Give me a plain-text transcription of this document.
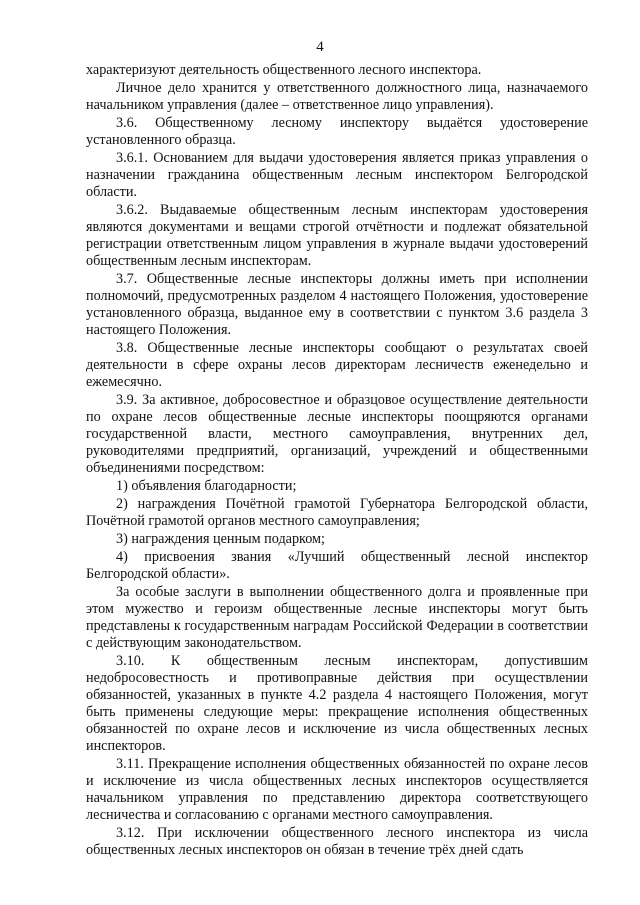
4

характеризуют деятельность общественного лесного инспектора.

Личное дело хранится у ответственного должностного лица, назначаемого начальником управления (далее – ответственное лицо управления).

3.6. Общественному лесному инспектору выдаётся удостоверение установленного образца.

3.6.1. Основанием для выдачи удостоверения является приказ управления о назначении гражданина общественным лесным инспектором Белгородской области.

3.6.2. Выдаваемые общественным лесным инспекторам удостоверения являются документами и вещами строгой отчётности и подлежат обязательной регистрации ответственным лицом управления в журнале выдачи удостоверений общественным лесным инспекторам.

3.7. Общественные лесные инспекторы должны иметь при исполнении полномочий, предусмотренных разделом 4 настоящего Положения, удостоверение установленного образца, выданное ему в соответствии с пунктом 3.6 раздела 3 настоящего Положения.

3.8. Общественные лесные инспекторы сообщают о результатах своей деятельности в сфере охраны лесов директорам лесничеств еженедельно и ежемесячно.

3.9. За активное, добросовестное и образцовое осуществление деятельности по охране лесов общественные лесные инспекторы поощряются органами государственной власти, местного самоуправления, внутренних дел, руководителями предприятий, организаций, учреждений и общественными объединениями посредством:

1) объявления благодарности;

2) награждения Почётной грамотой Губернатора Белгородской области, Почётной грамотой органов местного самоуправления;

3) награждения ценным подарком;

4) присвоения звания «Лучший общественный лесной инспектор Белгородской области».

За особые заслуги в выполнении общественного долга и проявленные при этом мужество и героизм общественные лесные инспекторы могут быть представлены к государственным наградам Российской Федерации в соответствии с действующим законодательством.

3.10. К общественным лесным инспекторам, допустившим недобросовестность и противоправные действия при осуществлении обязанностей, указанных в пункте 4.2 раздела 4 настоящего Положения, могут быть применены следующие меры: прекращение исполнения общественных обязанностей по охране лесов и исключение из числа общественных лесных инспекторов.

3.11. Прекращение исполнения общественных обязанностей по охране лесов и исключение из числа общественных лесных инспекторов осуществляется начальником управления по представлению директора соответствующего лесничества и согласованию с органами местного самоуправления.

3.12. При исключении общественного лесного инспектора из числа общественных лесных инспекторов он обязан в течение трёх дней сдать
